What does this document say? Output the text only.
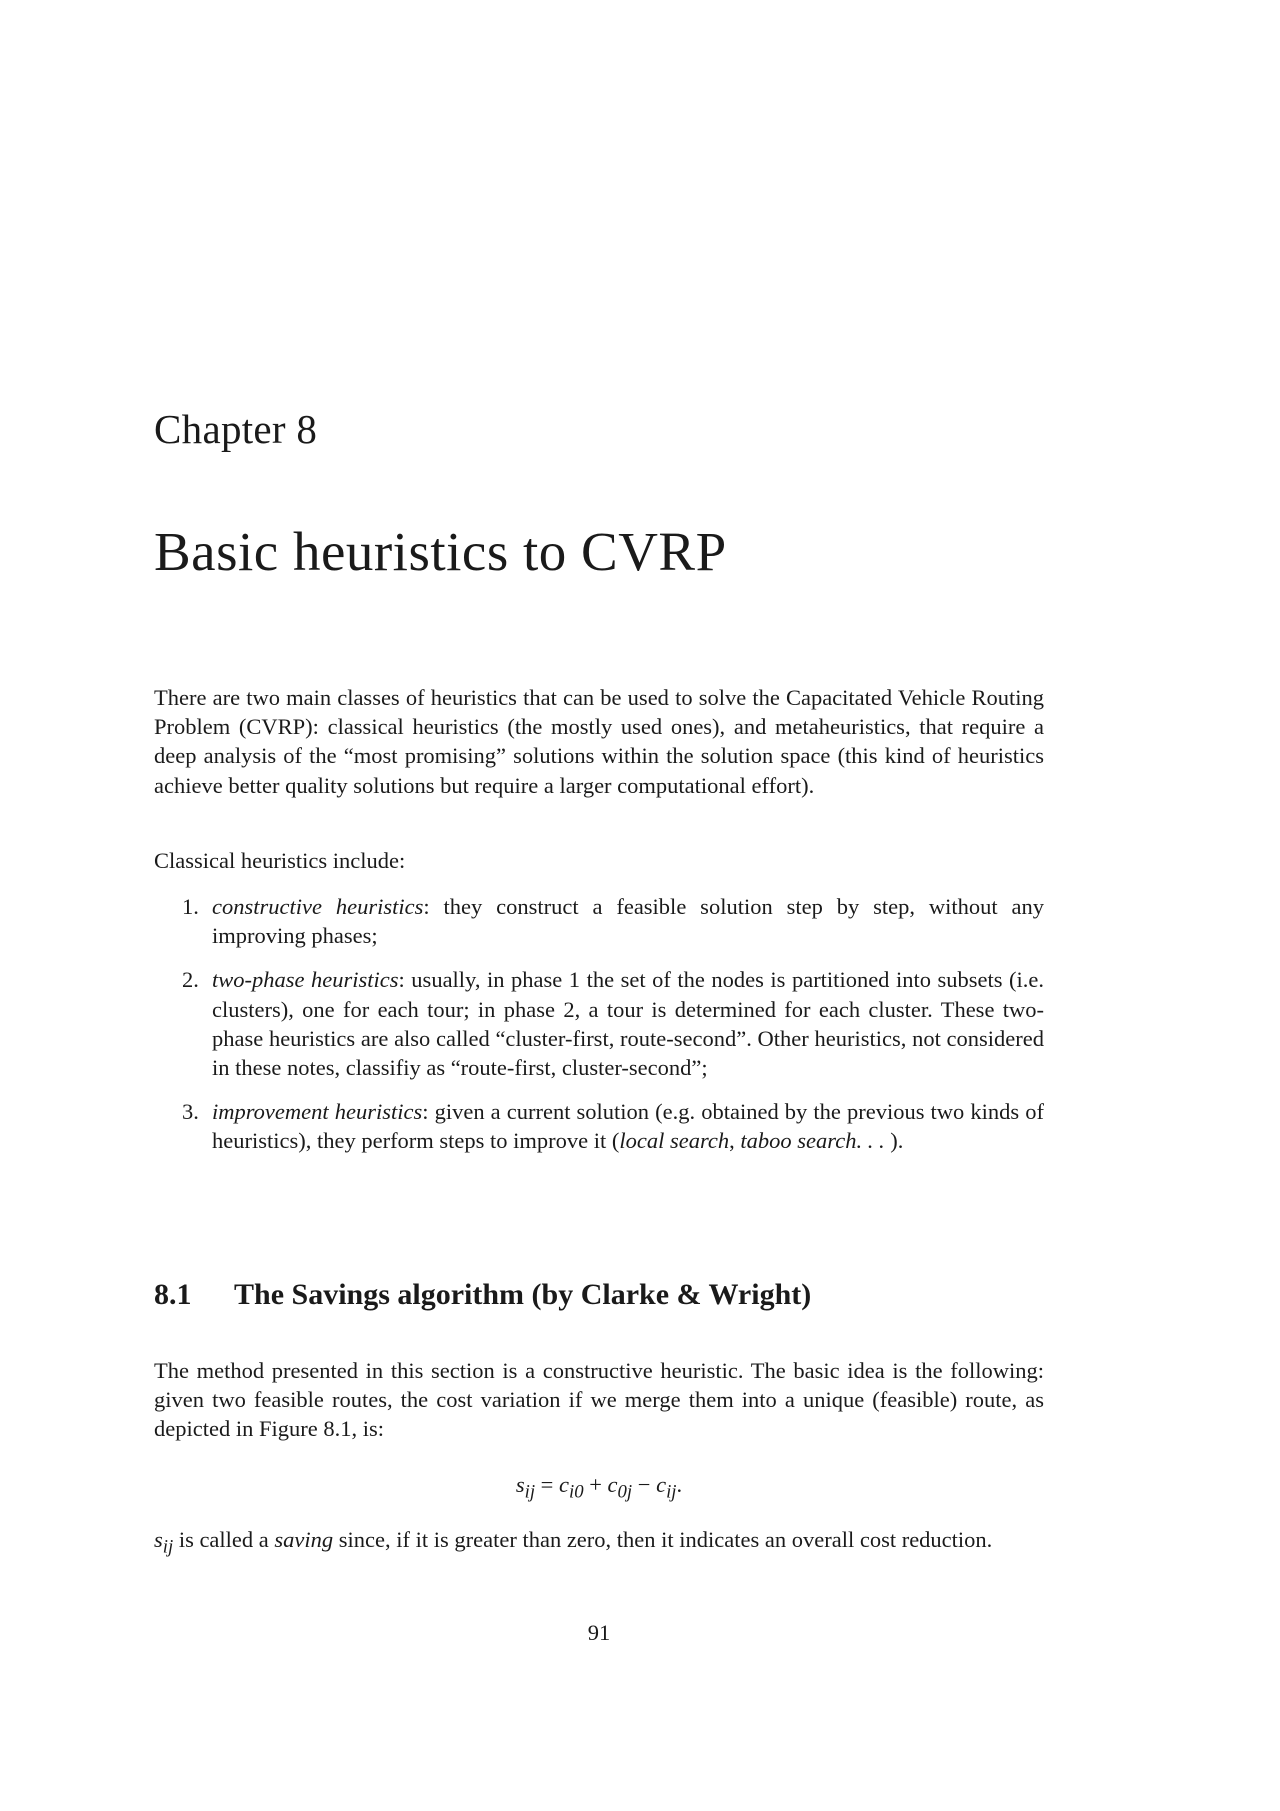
Chapter 8
Basic heuristics to CVRP

There are two main classes of heuristics that can be used to solve the Capacitated Vehicle Routing Problem (CVRP): classical heuristics (the mostly used ones), and metaheuristics, that require a deep analysis of the “most promising” solutions within the solution space (this kind of heuristics achieve better quality solutions but require a larger computational effort).

Classical heuristics include:

1. constructive heuristics: they construct a feasible solution step by step, without any improving phases;
2. two-phase heuristics: usually, in phase 1 the set of the nodes is partitioned into subsets (i.e. clusters), one for each tour; in phase 2, a tour is determined for each cluster. These two-phase heuristics are also called “cluster-first, route-second”. Other heuristics, not considered in these notes, classifiy as “route-first, cluster-second”;
3. improvement heuristics: given a current solution (e.g. obtained by the previous two kinds of heuristics), they perform steps to improve it (local search, taboo search. . . ).
8.1 The Savings algorithm (by Clarke & Wright)

The method presented in this section is a constructive heuristic. The basic idea is the following: given two feasible routes, the cost variation if we merge them into a unique (feasible) route, as depicted in Figure 8.1, is:

$s_{ij} = c_{i0} + c_{0j} - c_{ij}$.

$s_{ij}$ is called a saving since, if it is greater than zero, then it indicates an overall cost reduction.

91
